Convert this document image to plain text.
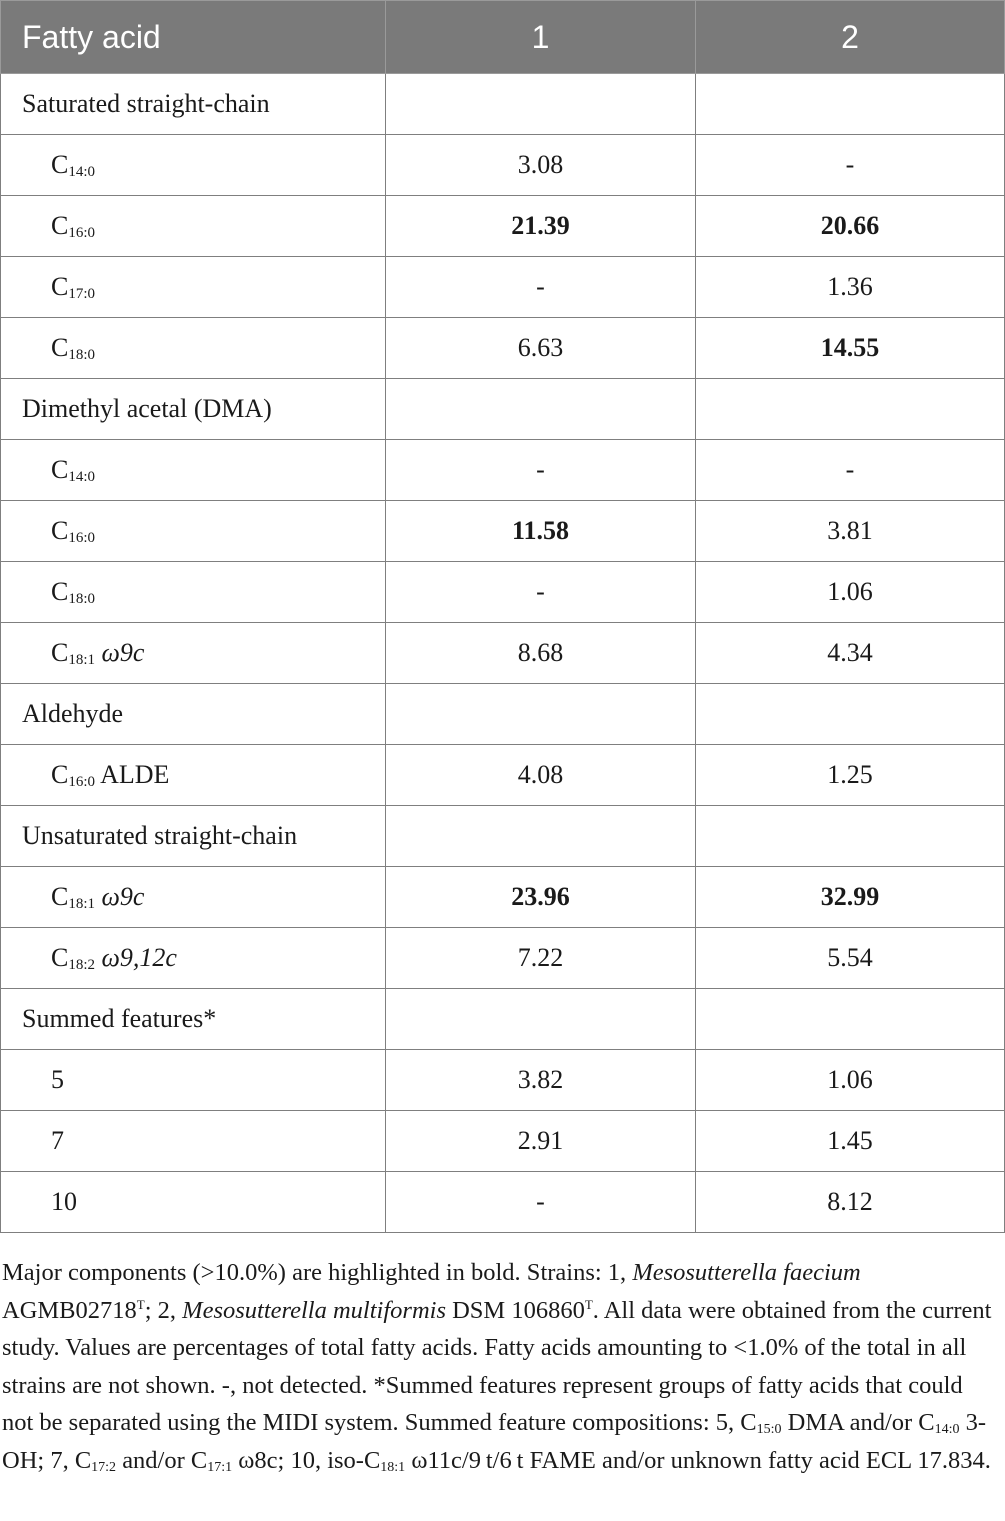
Fatty acid	1	2
Saturated straight-chain		
$C_{14:0}$	3.08	-
$C_{16:0}$	21.39	20.66
$C_{17:0}$	-	1.36
$C_{18:0}$	6.63	14.55
Dimethyl acetal (DMA)		
$C_{14:0}$	-	-
$C_{16:0}$	11.58	3.81
$C_{18:0}$	-	1.06
$C_{18:1}$ ω9c	8.68	4.34
Aldehyde		
$C_{16:0}$ ALDE	4.08	1.25
Unsaturated straight-chain		
$C_{18:1}$ ω9c	23.96	32.99
$C_{18:2}$ ω9,12c	7.22	5.54
Summed features*		
5	3.82	1.06
7	2.91	1.45
10	-	8.12

Major components (>10.0%) are highlighted in bold. Strains: 1, Mesosutterella faecium $AGMB02718^T$; 2, Mesosutterella multiformis DSM $106860^T$. All data were obtained from the current study. Values are percentages of total fatty acids. Fatty acids amounting to <1.0% of the total in all strains are not shown. -, not detected. *Summed features represent groups of fatty acids that could not be separated using the MIDI system. Summed feature compositions: 5, $C_{15:0}$ DMA and/or $C_{14:0}$ 3-OH; 7, $C_{17:2}$ and/or $C_{17:1}$ ω8c; 10, iso-$C_{18:1}$ ω11c/9 t/6 t FAME and/or unknown fatty acid ECL 17.834.
